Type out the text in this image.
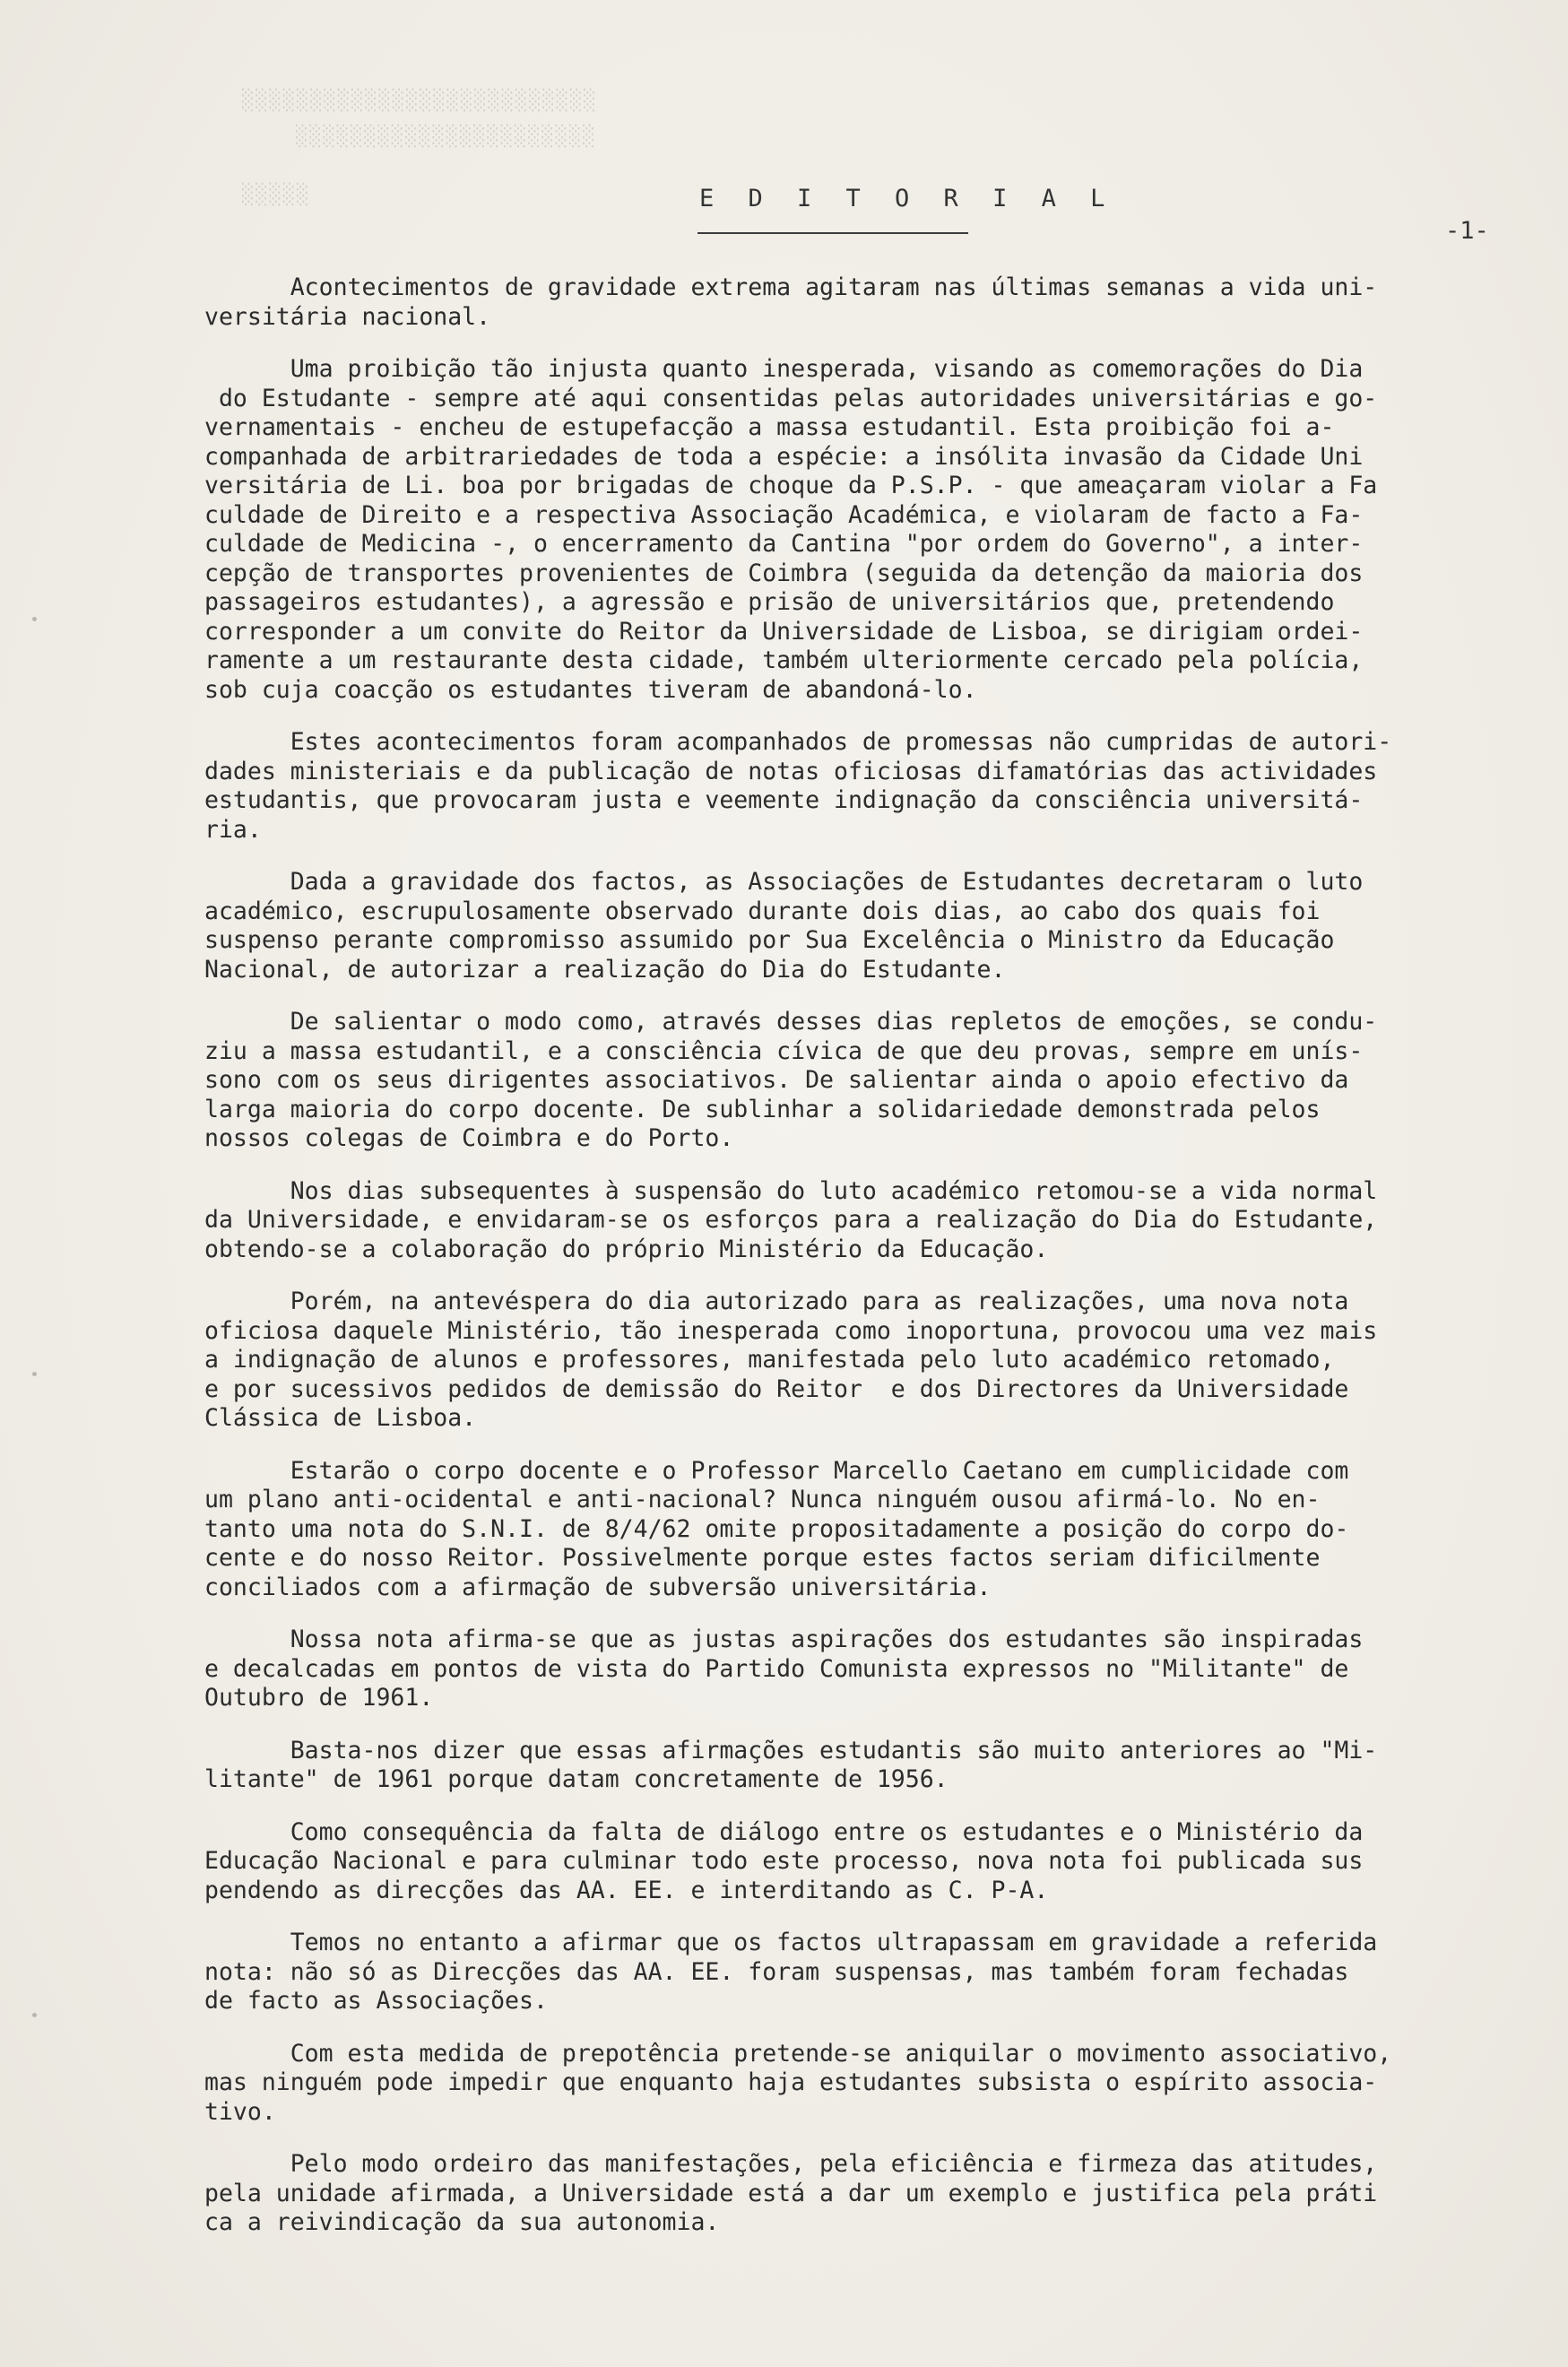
░░░░░░░░░░░░░░░░░░░░░░░░░░
░░░░░░░░░░░░░░░░░░░░░░
░░░░░	E D I T O R I A L
-1-

Acontecimentos de gravidade extrema agitaram nas últimas semanas a vida uni-
versitária nacional.

Uma proibição tão injusta quanto inesperada, visando as comemorações do Dia
do Estudante - sempre até aqui consentidas pelas autoridades universitárias e go-
vernamentais - encheu de estupefacção a massa estudantil. Esta proibição foi a-
companhada de arbitrariedades de toda a espécie: a insólita invasão da Cidade Uni
versitária de Li. boa por brigadas de choque da P.S.P. - que ameaçaram violar a Fa
culdade de Direito e a respectiva Associação Académica, e violaram de facto a Fa-
culdade de Medicina -, o encerramento da Cantina "por ordem do Governo", a inter-
cepção de transportes provenientes de Coimbra (seguida da detenção da maioria dos
passageiros estudantes), a agressão e prisão de universitários que, pretendendo
corresponder a um convite do Reitor da Universidade de Lisboa, se dirigiam ordei-
ramente a um restaurante desta cidade, também ulteriormente cercado pela polícia,
sob cuja coacção os estudantes tiveram de abandoná-lo.

Estes acontecimentos foram acompanhados de promessas não cumpridas de autori-
dades ministeriais e da publicação de notas oficiosas difamatórias das actividades
estudantis, que provocaram justa e veemente indignação da consciência universitá-
ria.

Dada a gravidade dos factos, as Associações de Estudantes decretaram o luto
académico, escrupulosamente observado durante dois dias, ao cabo dos quais foi
suspenso perante compromisso assumido por Sua Excelência o Ministro da Educação
Nacional, de autorizar a realização do Dia do Estudante.

De salientar o modo como, através desses dias repletos de emoções, se condu-
ziu a massa estudantil, e a consciência cívica de que deu provas, sempre em unís-
sono com os seus dirigentes associativos. De salientar ainda o apoio efectivo da
larga maioria do corpo docente. De sublinhar a solidariedade demonstrada pelos
nossos colegas de Coimbra e do Porto.

Nos dias subsequentes à suspensão do luto académico retomou-se a vida normal
da Universidade, e envidaram-se os esforços para a realização do Dia do Estudante,
obtendo-se a colaboração do próprio Ministério da Educação.

Porém, na antevéspera do dia autorizado para as realizações, uma nova nota
oficiosa daquele Ministério, tão inesperada como inoportuna, provocou uma vez mais
a indignação de alunos e professores, manifestada pelo luto académico retomado,
e por sucessivos pedidos de demissão do Reitor  e dos Directores da Universidade
Clássica de Lisboa.

Estarão o corpo docente e o Professor Marcello Caetano em cumplicidade com
um plano anti-ocidental e anti-nacional? Nunca ninguém ousou afirmá-lo. No en-
tanto uma nota do S.N.I. de 8/4/62 omite propositadamente a posição do corpo do-
cente e do nosso Reitor. Possivelmente porque estes factos seriam dificilmente
conciliados com a afirmação de subversão universitária.

Nossa nota afirma-se que as justas aspirações dos estudantes são inspiradas
e decalcadas em pontos de vista do Partido Comunista expressos no "Militante" de
Outubro de 1961.

Basta-nos dizer que essas afirmações estudantis são muito anteriores ao "Mi-
litante" de 1961 porque datam concretamente de 1956.

Como consequência da falta de diálogo entre os estudantes e o Ministério da
Educação Nacional e para culminar todo este processo, nova nota foi publicada sus
pendendo as direcções das AA. EE. e interditando as C. P-A.

Temos no entanto a afirmar que os factos ultrapassam em gravidade a referida
nota: não só as Direcções das AA. EE. foram suspensas, mas também foram fechadas
de facto as Associações.

Com esta medida de prepotência pretende-se aniquilar o movimento associativo,
mas ninguém pode impedir que enquanto haja estudantes subsista o espírito associa-
tivo.

Pelo modo ordeiro das manifestações, pela eficiência e firmeza das atitudes,
pela unidade afirmada, a Universidade está a dar um exemplo e justifica pela práti
ca a reivindicação da sua autonomia.
